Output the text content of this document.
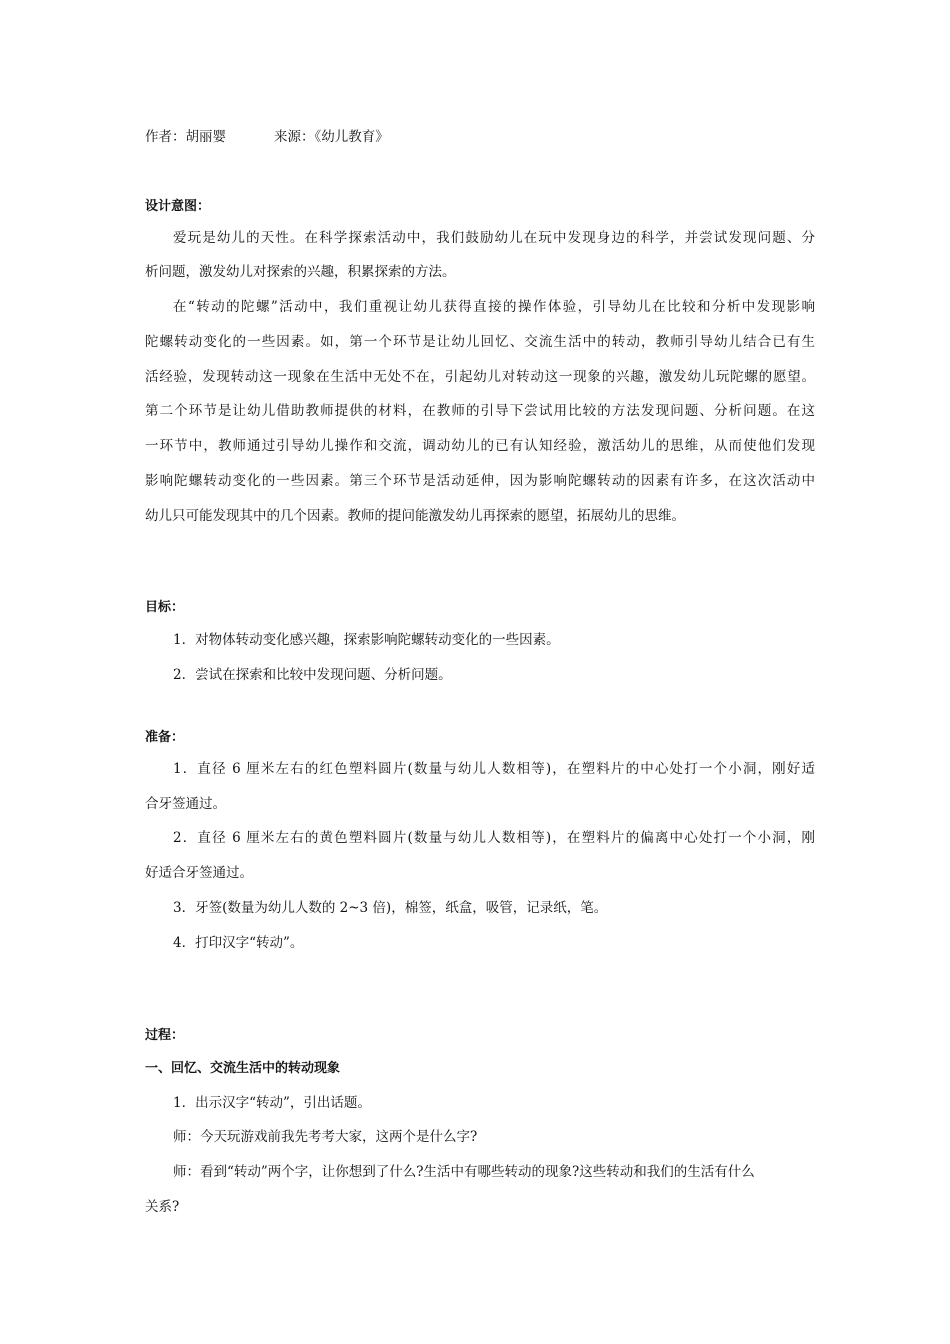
作者：胡丽婴	来源：《幼儿教育》
设计意图：
爱玩是幼儿的天性。在科学探索活动中，我们鼓励幼儿在玩中发现身边的科学，并尝试发现问题、分
析问题，激发幼儿对探索的兴趣，积累探索的方法。
在“转动的陀螺”活动中，我们重视让幼儿获得直接的操作体验，引导幼儿在比较和分析中发现影响
陀螺转动变化的一些因素。如，第一个环节是让幼儿回忆、交流生活中的转动，教师引导幼儿结合已有生
活经验，发现转动这一现象在生活中无处不在，引起幼儿对转动这一现象的兴趣，激发幼儿玩陀螺的愿望。
第二个环节是让幼儿借助教师提供的材料，在教师的引导下尝试用比较的方法发现问题、分析问题。在这
一环节中，教师通过引导幼儿操作和交流，调动幼儿的已有认知经验，激活幼儿的思维，从而使他们发现
影响陀螺转动变化的一些因素。第三个环节是活动延伸，因为影响陀螺转动的因素有许多，在这次活动中
幼儿只可能发现其中的几个因素。教师的提问能激发幼儿再探索的愿望，拓展幼儿的思维。
目标：
1．对物体转动变化感兴趣，探索影响陀螺转动变化的一些因素。
2．尝试在探索和比较中发现问题、分析问题。
准备：
1．直径 6 厘米左右的红色塑料圆片(数量与幼儿人数相等)，在塑料片的中心处打一个小洞，刚好适
合牙签通过。
2．直径 6 厘米左右的黄色塑料圆片(数量与幼儿人数相等)，在塑料片的偏离中心处打一个小洞，刚
好适合牙签通过。
3．牙签(数量为幼儿人数的 2~3 倍)，棉签，纸盒，吸管，记录纸，笔。
4．打印汉字“转动”。
过程：
一、回忆、交流生活中的转动现象
1．出示汉字“转动”，引出话题。
师：今天玩游戏前我先考考大家，这两个是什么字?
师：看到“转动”两个字，让你想到了什么?生活中有哪些转动的现象?这些转动和我们的生活有什么
关系?
